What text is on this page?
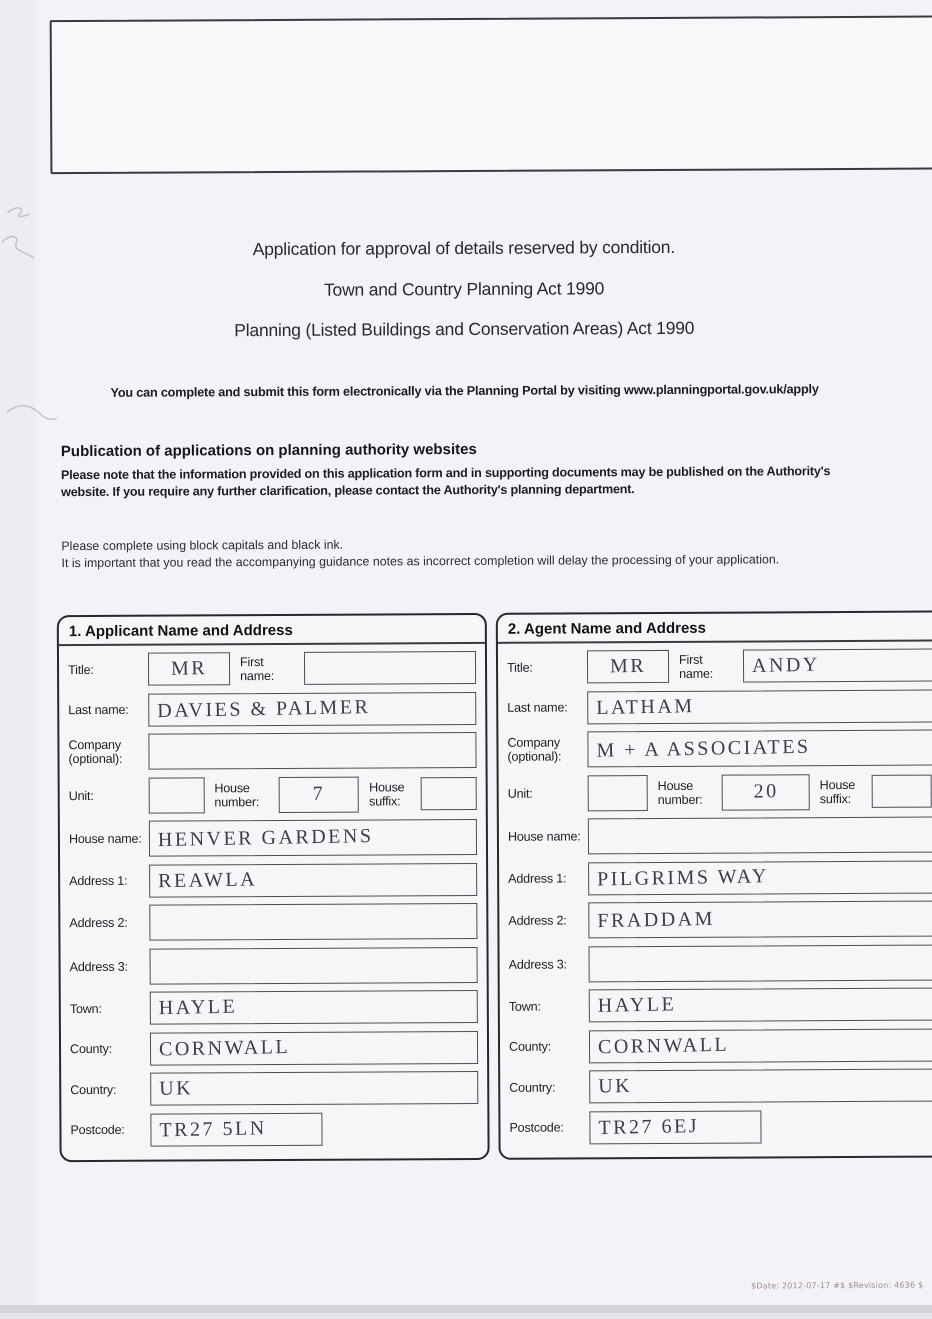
Application for approval of details reserved by condition.
Town and Country Planning Act 1990
Planning (Listed Buildings and Conservation Areas) Act 1990
You can complete and submit this form electronically via the Planning Portal by visiting www.planningportal.gov.uk/apply
Publication of applications on planning authority websites
Please note that the information provided on this application form and in supporting documents may be published on the Authority's website. If you require any further clarification, please contact the Authority's planning department.
Please complete using block capitals and black ink.
It is important that you read the accompanying guidance notes as incorrect completion will delay the processing of your application.
1. Applicant Name and Address
Title:	MR	First name:
Last name:	DAVIES & PALMER
Company (optional):
Unit:
House number:	7	House suffix:
House name: HENVER GARDENS
Address 1:	REAWLA
Address 2:
Address 3:
Town:	HAYLE
County:	CORNWALL
Country:	UK
Postcode:	TR27 5LN
2. Agent Name and Address
Title:	MR	First name:	ANDY
Last name:	LATHAM
Company (optional):	M + A ASSOCIATES
Unit:
House number:	20	House suffix:
House name:
Address 1:	PILGRIMS WAY
Address 2:	FRADDAM
Address 3:
Town:	HAYLE
County:	CORNWALL
Country:	UK
Postcode:	TR27 6EJ
$Date: 2012-07-17 #$ $Revision: 4636 $
